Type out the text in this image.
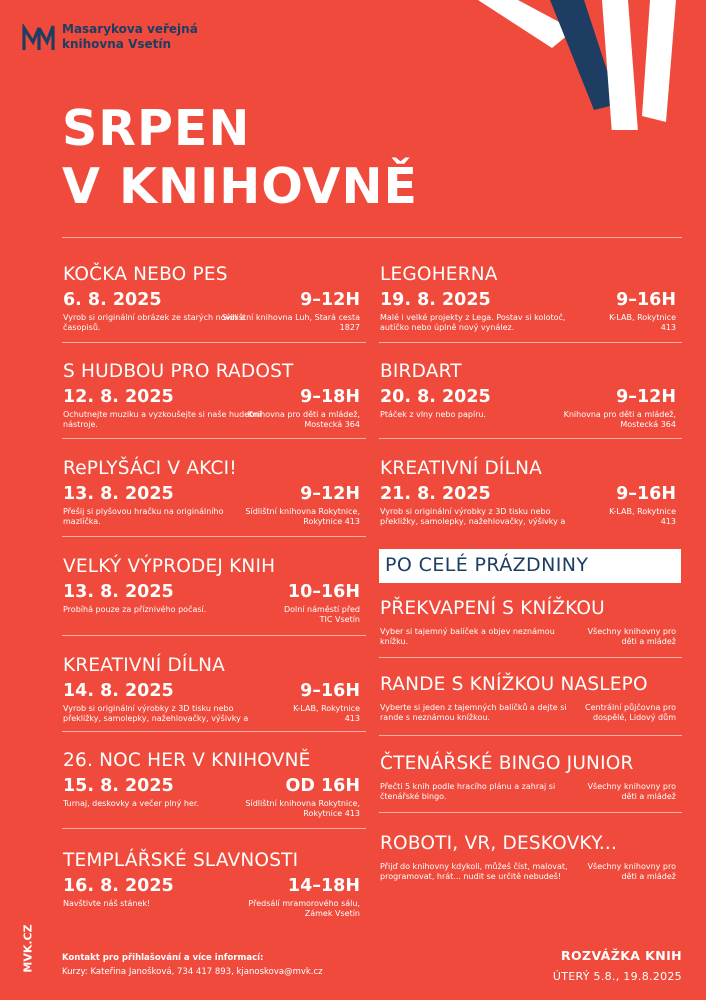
Masarykova veřejná
knihovna Vsetín
SRPEN
V KNIHOVNĚ
KOČKA NEBO PES
6. 8. 2025	9–12H
Vyrob si originální obrázek ze starých novin a časopisů.
Sídlištní knihovna Luh, Stará cesta 1827
S HUDBOU PRO RADOST
12. 8. 2025	9–18H
Ochutnejte muziku a vyzkoušejte si naše hudební nástroje.
Knihovna pro děti a mládež, Mostecká 364
RePLYŠÁCI V AKCI!
13. 8. 2025	9–12H
Přešij si plyšovou hračku na originálního mazlíčka.
Sídlištní knihovna Rokytnice, Rokytnice 413
VELKÝ VÝPRODEJ KNIH
13. 8. 2025	10–16H
Probíhá pouze za příznivého počasí.	Dolní náměstí před TIC Vsetín
KREATIVNÍ DÍLNA
14. 8. 2025	9–16H
Vyrob si originální výrobky z 3D tisku nebo překližky, samolepky, nažehlovačky, výšivky a
K-LAB, Rokytnice 413
26. NOC HER V KNIHOVNĚ
15. 8. 2025	OD 16H
Turnaj, deskovky a večer plný her.	Sídlištní knihovna Rokytnice, Rokytnice 413
TEMPLÁŘSKÉ SLAVNOSTI
16. 8. 2025	14–18H
Navštivte náš stánek!	Předsálí mramorového sálu, Zámek Vsetín
LEGOHERNA
19. 8. 2025	9–16H
Malé i velké projekty z Lega. Postav si kolotoč, autíčko nebo úplně nový vynález.
K-LAB, Rokytnice 413
BIRDART
20. 8. 2025	9–12H
Ptáček z vlny nebo papíru.	Knihovna pro děti a mládež, Mostecká 364
KREATIVNÍ DÍLNA
21. 8. 2025	9–16H
Vyrob si originální výrobky z 3D tisku nebo překližky, samolepky, nažehlovačky, výšivky a
K-LAB, Rokytnice 413
PO CELÉ PRÁZDNINY
PŘEKVAPENÍ S KNÍŽKOU
Vyber si tajemný balíček a objev neznámou knížku.
Všechny knihovny pro děti a mládež
RANDE S KNÍŽKOU NASLEPO
Vyberte si jeden z tajemných balíčků a dejte si rande s neznámou knížkou.
Centrální půjčovna pro dospělé, Lidový dům
ČTENÁŘSKÉ BINGO JUNIOR
Přečti 5 knih podle hracího plánu a zahraj si čtenářské bingo.
Všechny knihovny pro děti a mládež
ROBOTI, VR, DESKOVKY...
Přijď do knihovny kdykoli, můžeš číst, malovat, programovat, hrát... nudit se určitě nebudeš!
Všechny knihovny pro děti a mládež
MVK.CZ	Kontakt pro přihlašování a více informací:
Kurzy: Kateřina Janošková, 734 417 893, kjanoskova@mvk.cz
ROZVÁŽKA KNIH
ÚTERÝ 5.8., 19.8.2025
